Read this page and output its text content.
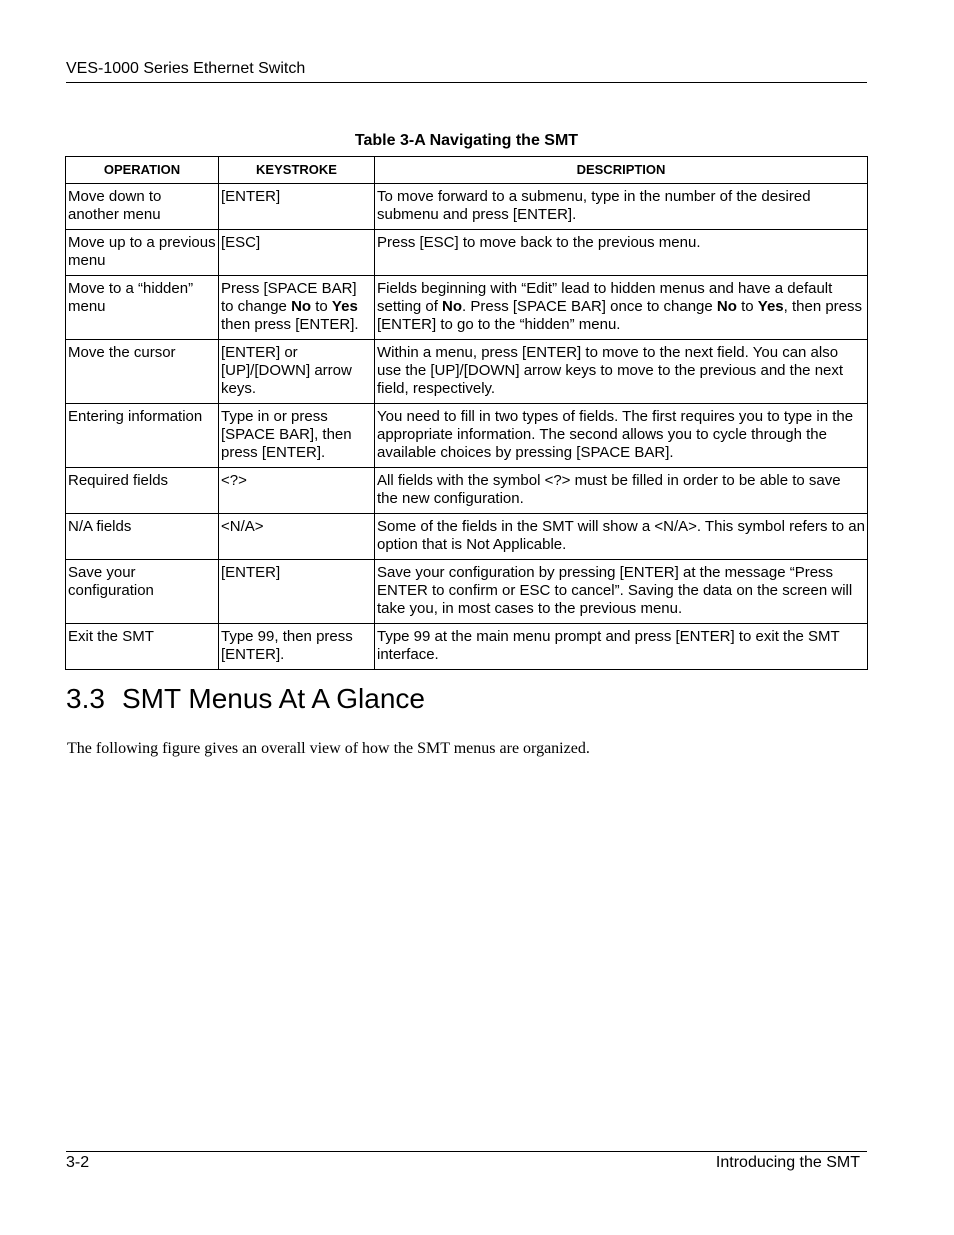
VES-1000 Series Ethernet Switch
Table 3-A Navigating the SMT
OPERATION	KEYSTROKE	DESCRIPTION
Move down to another menu	[ENTER]	To move forward to a submenu, type in the number of the desired submenu and press [ENTER].
Move up to a previous menu	[ESC]	Press [ESC] to move back to the previous menu.
Move to a “hidden” menu	Press [SPACE BAR] to change No to Yes then press [ENTER].	Fields beginning with “Edit” lead to hidden menus and have a default setting of No. Press [SPACE BAR] once to change No to Yes, then press [ENTER] to go to the “hidden” menu.
Move the cursor	[ENTER] or [UP]/[DOWN] arrow keys.	Within a menu, press [ENTER] to move to the next field. You can also use the [UP]/[DOWN] arrow keys to move to the previous and the next field, respectively.
Entering information	Type in or press [SPACE BAR], then press [ENTER].	You need to fill in two types of fields. The first requires you to type in the appropriate information. The second allows you to cycle through the available choices by pressing [SPACE BAR].
Required fields	<?>	All fields with the symbol <?> must be filled in order to be able to save the new configuration.
N/A fields	<N/A>	Some of the fields in the SMT will show a <N/A>. This symbol refers to an option that is Not Applicable.
Save your configuration	[ENTER]	Save your configuration by pressing [ENTER] at the message “Press ENTER to confirm or ESC to cancel”. Saving the data on the screen will take you, in most cases to the previous menu.
Exit the SMT	Type 99, then press [ENTER].	Type 99 at the main menu prompt and press [ENTER] to exit the SMT interface.
3.3 SMT Menus At A Glance

The following figure gives an overall view of how the SMT menus are organized.

3-2	Introducing the SMT
